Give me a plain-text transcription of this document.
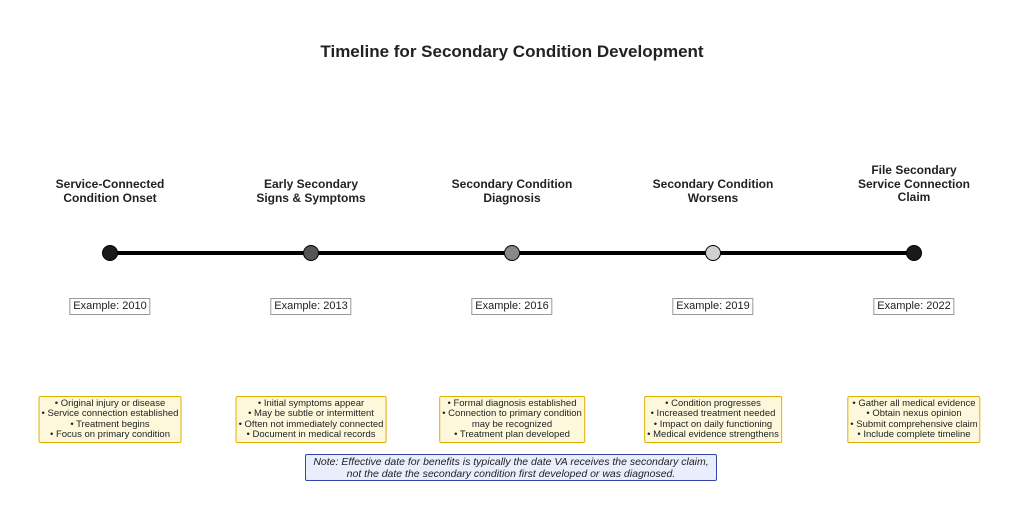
Timeline for Secondary Condition Development
Service-Connected
Condition Onset
Example: 2010
• Original injury or disease
• Service connection established
• Treatment begins
• Focus on primary condition
Early Secondary
Signs & Symptoms
Example: 2013
• Initial symptoms appear
• May be subtle or intermittent
• Often not immediately connected
• Document in medical records
Secondary Condition
Diagnosis
Example: 2016
• Formal diagnosis established
• Connection to primary condition
may be recognized
• Treatment plan developed
Secondary Condition
Worsens
Example: 2019
• Condition progresses
• Increased treatment needed
• Impact on daily functioning
• Medical evidence strengthens
File Secondary
Service Connection
Claim
Example: 2022
• Gather all medical evidence
• Obtain nexus opinion
• Submit comprehensive claim
• Include complete timeline
Note: Effective date for benefits is typically the date VA receives the secondary claim,
not the date the secondary condition first developed or was diagnosed.
